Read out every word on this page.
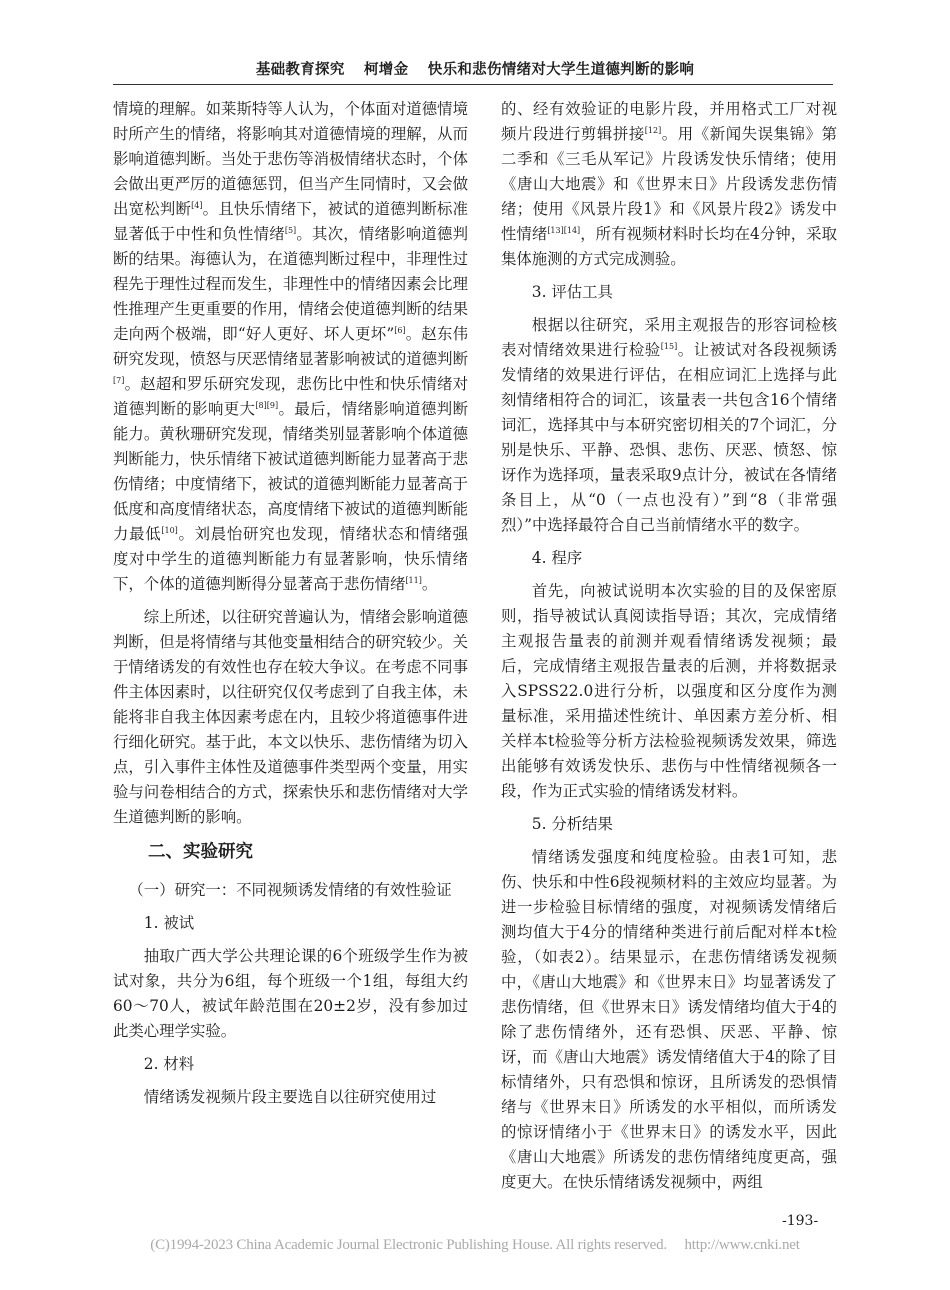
基础教育探究 柯增金 快乐和悲伤情绪对大学生道德判断的影响

情境的理解。如莱斯特等人认为，个体面对道德情境时所产生的情绪，将影响其对道德情境的理解，从而影响道德判断。当处于悲伤等消极情绪状态时，个体会做出更严厉的道德惩罚，但当产生同情时，又会做出宽松判断[4]。且快乐情绪下，被试的道德判断标准显著低于中性和负性情绪[5]。其次，情绪影响道德判断的结果。海德认为，在道德判断过程中，非理性过程先于理性过程而发生，非理性中的情绪因素会比理性推理产生更重要的作用，情绪会使道德判断的结果走向两个极端，即“好人更好、坏人更坏”[6]。赵东伟研究发现，愤怒与厌恶情绪显著影响被试的道德判断[7]。赵超和罗乐研究发现，悲伤比中性和快乐情绪对道德判断的影响更大[8][9]。最后，情绪影响道德判断能力。黄秋珊研究发现，情绪类别显著影响个体道德判断能力，快乐情绪下被试道德判断能力显著高于悲伤情绪；中度情绪下，被试的道德判断能力显著高于低度和高度情绪状态，高度情绪下被试的道德判断能力最低[10]。刘晨怡研究也发现，情绪状态和情绪强度对中学生的道德判断能力有显著影响，快乐情绪下，个体的道德判断得分显著高于悲伤情绪[11]。

综上所述，以往研究普遍认为，情绪会影响道德判断，但是将情绪与其他变量相结合的研究较少。关于情绪诱发的有效性也存在较大争议。在考虑不同事件主体因素时，以往研究仅仅考虑到了自我主体，未能将非自我主体因素考虑在内，且较少将道德事件进行细化研究。基于此，本文以快乐、悲伤情绪为切入点，引入事件主体性及道德事件类型两个变量，用实验与问卷相结合的方式，探索快乐和悲伤情绪对大学生道德判断的影响。

二、实验研究

（一）研究一：不同视频诱发情绪的有效性验证

1. 被试

抽取广西大学公共理论课的6个班级学生作为被试对象，共分为6组，每个班级一个1组，每组大约60～70人，被试年龄范围在20±2岁，没有参加过此类心理学实验。

2. 材料

情绪诱发视频片段主要选自以往研究使用过

的、经有效验证的电影片段，并用格式工厂对视频片段进行剪辑拼接[12]。用《新闻失误集锦》第二季和《三毛从军记》片段诱发快乐情绪；使用《唐山大地震》和《世界末日》片段诱发悲伤情绪；使用《风景片段1》和《风景片段2》诱发中性情绪[13][14]，所有视频材料时长均在4分钟，采取集体施测的方式完成测验。

3. 评估工具

根据以往研究，采用主观报告的形容词检核表对情绪效果进行检验[15]。让被试对各段视频诱发情绪的效果进行评估，在相应词汇上选择与此刻情绪相符合的词汇，该量表一共包含16个情绪词汇，选择其中与本研究密切相关的7个词汇，分别是快乐、平静、恐惧、悲伤、厌恶、愤怒、惊讶作为选择项，量表采取9点计分，被试在各情绪条目上，从“0（一点也没有）”到“8（非常强烈）”中选择最符合自己当前情绪水平的数字。

4. 程序

首先，向被试说明本次实验的目的及保密原则，指导被试认真阅读指导语；其次，完成情绪主观报告量表的前测并观看情绪诱发视频；最后，完成情绪主观报告量表的后测，并将数据录入SPSS22.0进行分析，以强度和区分度作为测量标准，采用描述性统计、单因素方差分析、相关样本t检验等分析方法检验视频诱发效果，筛选出能够有效诱发快乐、悲伤与中性情绪视频各一段，作为正式实验的情绪诱发材料。

5. 分析结果

情绪诱发强度和纯度检验。由表1可知，悲伤、快乐和中性6段视频材料的主效应均显著。为进一步检验目标情绪的强度，对视频诱发情绪后测均值大于4分的情绪种类进行前后配对样本t检验，（如表2）。结果显示，在悲伤情绪诱发视频中，《唐山大地震》和《世界末日》均显著诱发了悲伤情绪，但《世界末日》诱发情绪均值大于4的除了悲伤情绪外，还有恐惧、厌恶、平静、惊讶，而《唐山大地震》诱发情绪值大于4的除了目标情绪外，只有恐惧和惊讶，且所诱发的恐惧情绪与《世界末日》所诱发的水平相似，而所诱发的惊讶情绪小于《世界末日》的诱发水平，因此《唐山大地震》所诱发的悲伤情绪纯度更高，强度更大。在快乐情绪诱发视频中，两组

-193-
(C)1994-2023 China Academic Journal Electronic Publishing House. All rights reserved. http://www.cnki.net
